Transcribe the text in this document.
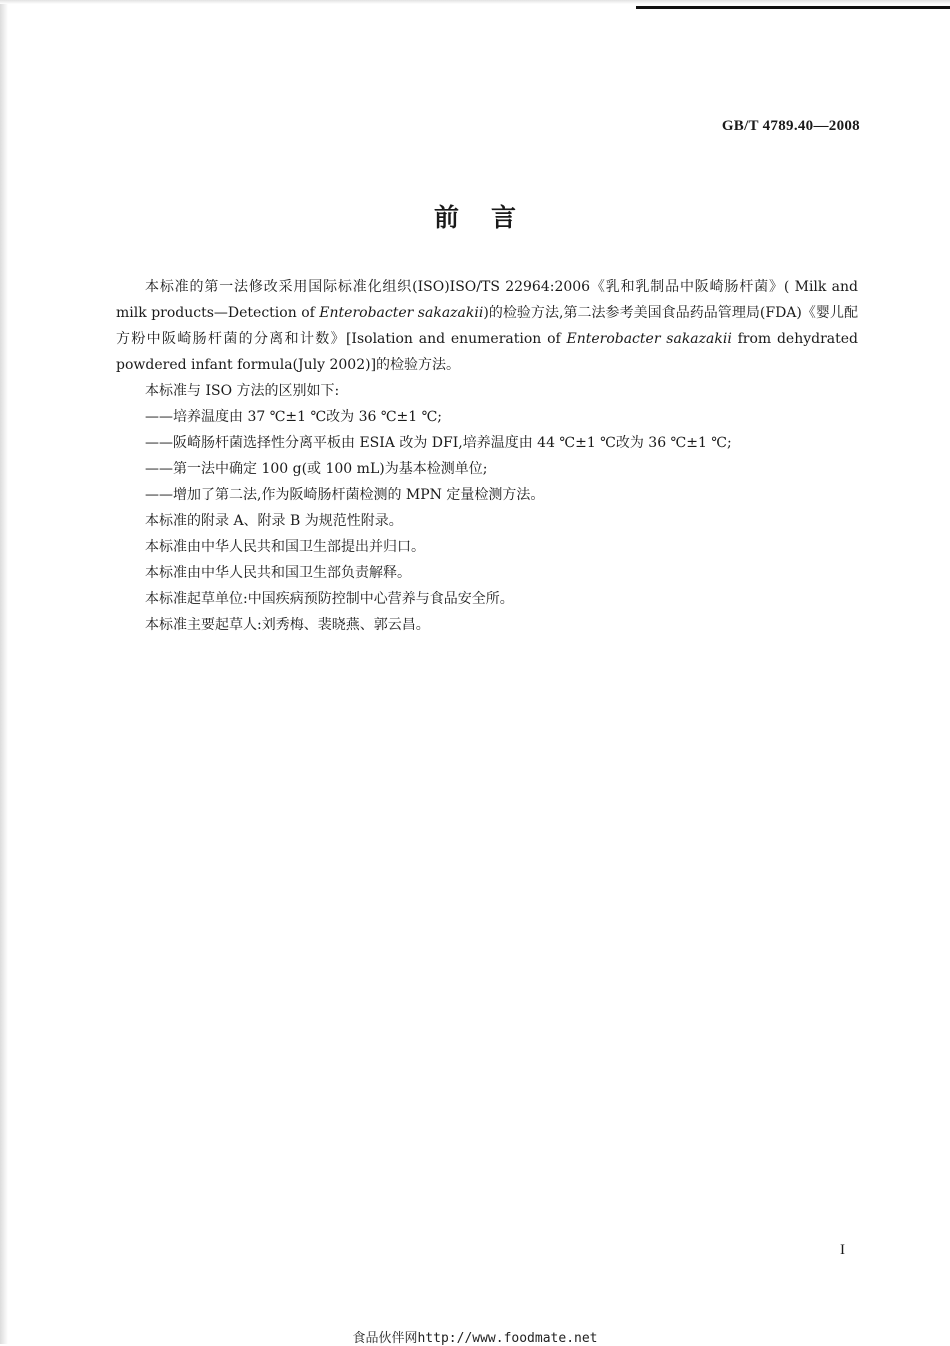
GB/T 4789.40—2008
前言

本标准的第一法修改采用国际标准化组织(ISO)ISO/TS 22964:2006《乳和乳制品中阪崎肠杆菌》( Milk and milk products—Detection of Enterobacter sakazakii)的检验方法,第二法参考美国食品药品管理局(FDA)《婴儿配方粉中阪崎肠杆菌的分离和计数》[Isolation and enumeration of Enterobacter sakazakii from dehydrated powdered infant formula(July 2002)]的检验方法。

本标准与 ISO 方法的区别如下:

——培养温度由 37 ℃±1 ℃改为 36 ℃±1 ℃;

——阪崎肠杆菌选择性分离平板由 ESIA 改为 DFI,培养温度由 44 ℃±1 ℃改为 36 ℃±1 ℃;

——第一法中确定 100 g(或 100 mL)为基本检测单位;

——增加了第二法,作为阪崎肠杆菌检测的 MPN 定量检测方法。

本标准的附录 A、附录 B 为规范性附录。

本标准由中华人民共和国卫生部提出并归口。

本标准由中华人民共和国卫生部负责解释。

本标准起草单位:中国疾病预防控制中心营养与食品安全所。

本标准主要起草人:刘秀梅、裴晓燕、郭云昌。

I
食品伙伴网http://www.foodmate.net
